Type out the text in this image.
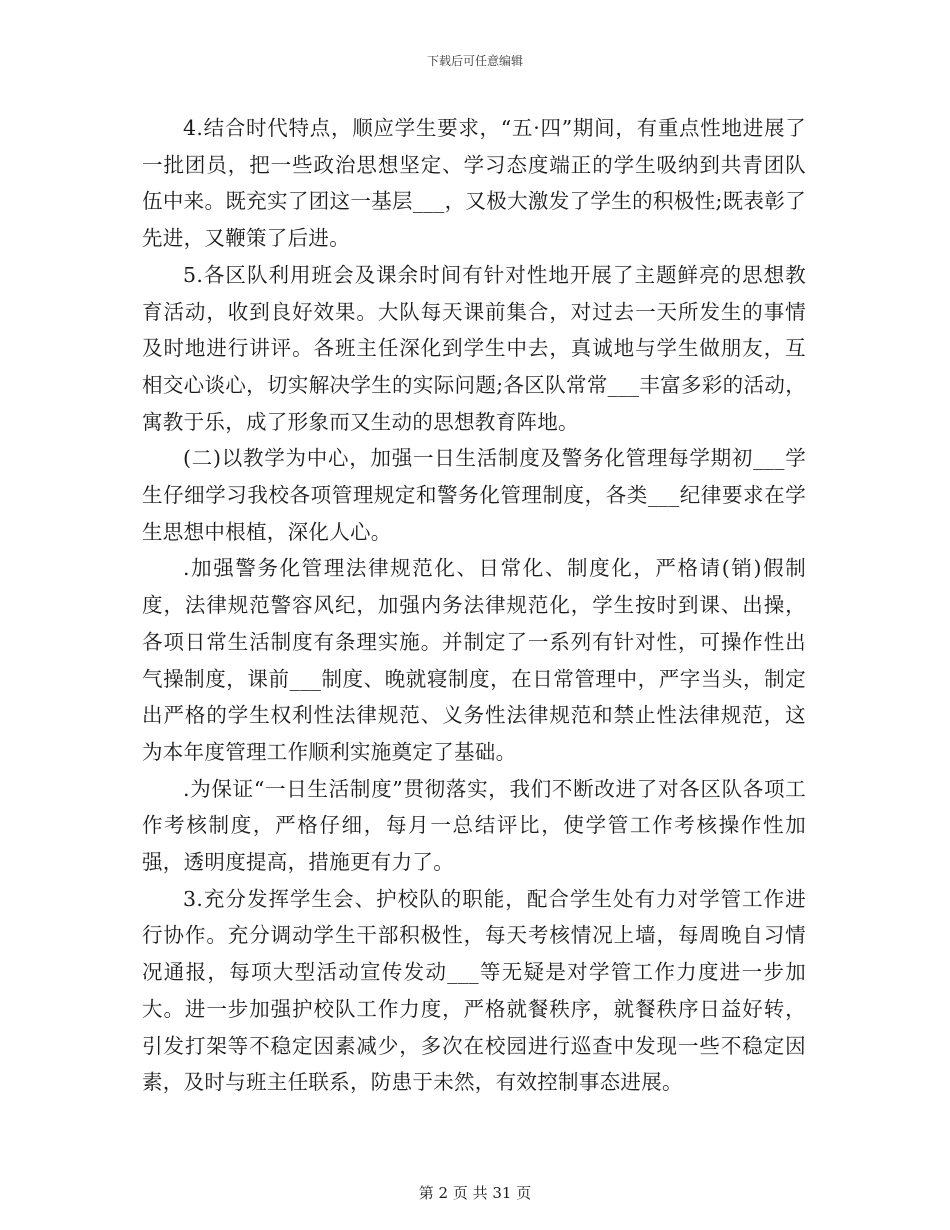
下载后可任意编辑

4.结合时代特点，顺应学生要求，“五·四”期间，有重点性地进展了一批团员，把一些政治思想坚定、学习态度端正的学生吸纳到共青团队伍中来。既充实了团这一基层___，又极大激发了学生的积极性;既表彰了先进，又鞭策了后进。

5.各区队利用班会及课余时间有针对性地开展了主题鲜亮的思想教育活动，收到良好效果。大队每天课前集合，对过去一天所发生的事情及时地进行讲评。各班主任深化到学生中去，真诚地与学生做朋友，互相交心谈心，切实解决学生的实际问题;各区队常常___丰富多彩的活动，寓教于乐，成了形象而又生动的思想教育阵地。

(二)以教学为中心，加强一日生活制度及警务化管理每学期初___学生仔细学习我校各项管理规定和警务化管理制度，各类___纪律要求在学生思想中根植，深化人心。

.加强警务化管理法律规范化、日常化、制度化，严格请(销)假制度，法律规范警容风纪，加强内务法律规范化，学生按时到课、出操，各项日常生活制度有条理实施。并制定了一系列有针对性，可操作性出气操制度，课前___制度、晚就寝制度，在日常管理中，严字当头，制定出严格的学生权利性法律规范、义务性法律规范和禁止性法律规范，这为本年度管理工作顺利实施奠定了基础。

.为保证“一日生活制度”贯彻落实，我们不断改进了对各区队各项工作考核制度，严格仔细，每月一总结评比，使学管工作考核操作性加强，透明度提高，措施更有力了。

3.充分发挥学生会、护校队的职能，配合学生处有力对学管工作进行协作。充分调动学生干部积极性，每天考核情况上墙，每周晚自习情况通报，每项大型活动宣传发动___等无疑是对学管工作力度进一步加大。进一步加强护校队工作力度，严格就餐秩序，就餐秩序日益好转，引发打架等不稳定因素减少，多次在校园进行巡查中发现一些不稳定因素，及时与班主任联系，防患于未然，有效控制事态进展。

第 2 页 共 31 页
